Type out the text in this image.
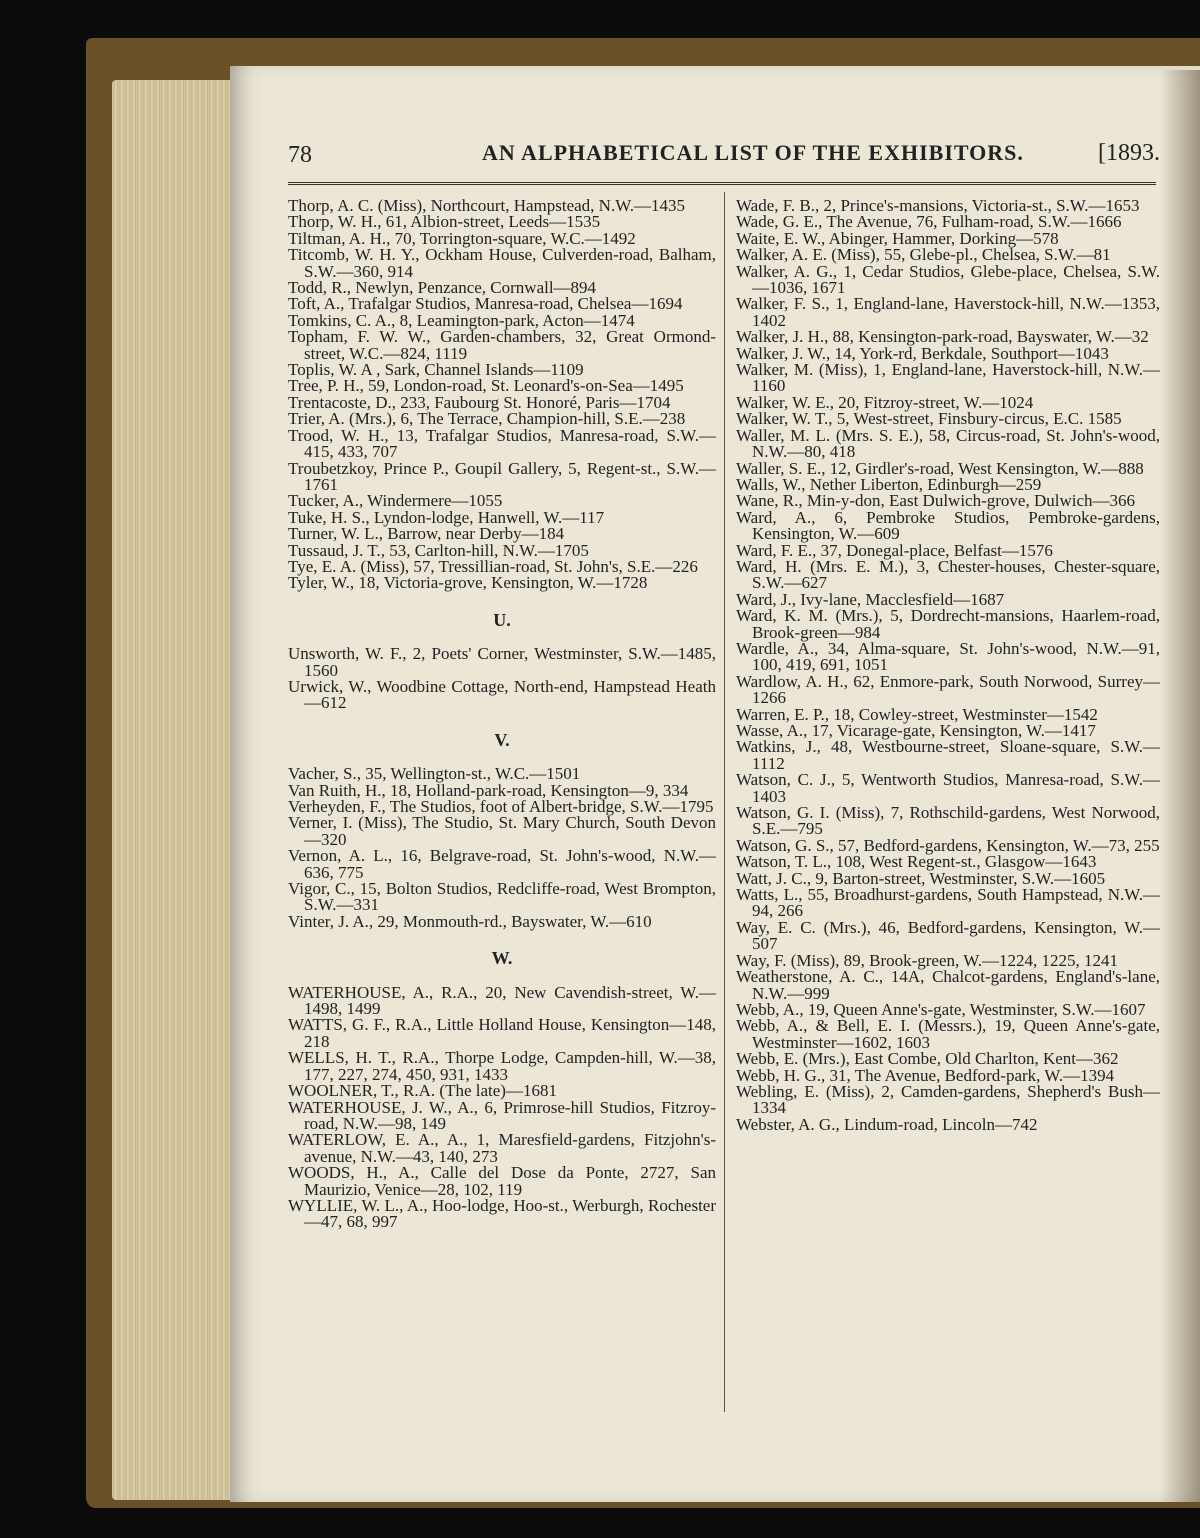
78	AN ALPHABETICAL LIST OF THE EXHIBITORS.	[1893.

Thorp, A. C. (Miss), Northcourt, Hampstead, N.W.—1435

Thorp, W. H., 61, Albion-street, Leeds—1535

Tiltman, A. H., 70, Torrington-square, W.C.—1492

Titcomb, W. H. Y., Ockham House, Culverden-road, Balham, S.W.—360, 914

Todd, R., Newlyn, Penzance, Cornwall—894

Toft, A., Trafalgar Studios, Manresa-road, Chelsea—1694

Tomkins, C. A., 8, Leamington-park, Acton—1474

Topham, F. W. W., Garden-chambers, 32, Great Ormond-street, W.C.—824, 1119

Toplis, W. A , Sark, Channel Islands—1109

Tree, P. H., 59, London-road, St. Leonard's-on-Sea—1495

Trentacoste, D., 233, Faubourg St. Honoré, Paris—1704

Trier, A. (Mrs.), 6, The Terrace, Champion-hill, S.E.—238

Trood, W. H., 13, Trafalgar Studios, Manresa-road, S.W.—415, 433, 707

Troubetzkoy, Prince P., Goupil Gallery, 5, Regent-st., S.W.—1761

Tucker, A., Windermere—1055

Tuke, H. S., Lyndon-lodge, Hanwell, W.—117

Turner, W. L., Barrow, near Derby—184

Tussaud, J. T., 53, Carlton-hill, N.W.—1705

Tye, E. A. (Miss), 57, Tressillian-road, St. John's, S.E.—226

Tyler, W., 18, Victoria-grove, Kensington, W.—1728

U.

Unsworth, W. F., 2, Poets' Corner, Westminster, S.W.—1485, 1560

Urwick, W., Woodbine Cottage, North-end, Hampstead Heath—612

V.

Vacher, S., 35, Wellington-st., W.C.—1501

Van Ruith, H., 18, Holland-park-road, Kensington—9, 334

Verheyden, F., The Studios, foot of Albert-bridge, S.W.—1795

Verner, I. (Miss), The Studio, St. Mary Church, South Devon—320

Vernon, A. L., 16, Belgrave-road, St. John's-wood, N.W.—636, 775

Vigor, C., 15, Bolton Studios, Redcliffe-road, West Brompton, S.W.—331

Vinter, J. A., 29, Monmouth-rd., Bayswater, W.—610

W.

WATERHOUSE, A., R.A., 20, New Cavendish-street, W.—1498, 1499

WATTS, G. F., R.A., Little Holland House, Kensington—148, 218

WELLS, H. T., R.A., Thorpe Lodge, Campden-hill, W.—38, 177, 227, 274, 450, 931, 1433

WOOLNER, T., R.A. (The late)—1681

WATERHOUSE, J. W., A., 6, Primrose-hill Studios, Fitzroy-road, N.W.—98, 149

WATERLOW, E. A., A., 1, Maresfield-gardens, Fitzjohn's-avenue, N.W.—43, 140, 273

WOODS, H., A., Calle del Dose da Ponte, 2727, San Maurizio, Venice—28, 102, 119

WYLLIE, W. L., A., Hoo-lodge, Hoo-st., Werburgh, Rochester—47, 68, 997

Wade, F. B., 2, Prince's-mansions, Victoria-st., S.W.—1653

Wade, G. E., The Avenue, 76, Fulham-road, S.W.—1666

Waite, E. W., Abinger, Hammer, Dorking—578

Walker, A. E. (Miss), 55, Glebe-pl., Chelsea, S.W.—81

Walker, A. G., 1, Cedar Studios, Glebe-place, Chelsea, S.W.—1036, 1671

Walker, F. S., 1, England-lane, Haverstock-hill, N.W.—1353, 1402

Walker, J. H., 88, Kensington-park-road, Bayswater, W.—32

Walker, J. W., 14, York-rd, Berkdale, Southport—1043

Walker, M. (Miss), 1, England-lane, Haverstock-hill, N.W.—1160

Walker, W. E., 20, Fitzroy-street, W.—1024

Walker, W. T., 5, West-street, Finsbury-circus, E.C. 1585

Waller, M. L. (Mrs. S. E.), 58, Circus-road, St. John's-wood, N.W.—80, 418

Waller, S. E., 12, Girdler's-road, West Kensington, W.—888

Walls, W., Nether Liberton, Edinburgh—259

Wane, R., Min-y-don, East Dulwich-grove, Dulwich—366

Ward, A., 6, Pembroke Studios, Pembroke-gardens, Kensington, W.—609

Ward, F. E., 37, Donegal-place, Belfast—1576

Ward, H. (Mrs. E. M.), 3, Chester-houses, Chester-square, S.W.—627

Ward, J., Ivy-lane, Macclesfield—1687

Ward, K. M. (Mrs.), 5, Dordrecht-mansions, Haarlem-road, Brook-green—984

Wardle, A., 34, Alma-square, St. John's-wood, N.W.—91, 100, 419, 691, 1051

Wardlow, A. H., 62, Enmore-park, South Norwood, Surrey—1266

Warren, E. P., 18, Cowley-street, Westminster—1542

Wasse, A., 17, Vicarage-gate, Kensington, W.—1417

Watkins, J., 48, Westbourne-street, Sloane-square, S.W.—1112

Watson, C. J., 5, Wentworth Studios, Manresa-road, S.W.—1403

Watson, G. I. (Miss), 7, Rothschild-gardens, West Norwood, S.E.—795

Watson, G. S., 57, Bedford-gardens, Kensington, W.—73, 255

Watson, T. L., 108, West Regent-st., Glasgow—1643

Watt, J. C., 9, Barton-street, Westminster, S.W.—1605

Watts, L., 55, Broadhurst-gardens, South Hampstead, N.W.—94, 266

Way, E. C. (Mrs.), 46, Bedford-gardens, Kensington, W.—507

Way, F. (Miss), 89, Brook-green, W.—1224, 1225, 1241

Weatherstone, A. C., 14A, Chalcot-gardens, England's-lane, N.W.—999

Webb, A., 19, Queen Anne's-gate, Westminster, S.W.—1607

Webb, A., & Bell, E. I. (Messrs.), 19, Queen Anne's-gate, Westminster—1602, 1603

Webb, E. (Mrs.), East Combe, Old Charlton, Kent—362

Webb, H. G., 31, The Avenue, Bedford-park, W.—1394

Webling, E. (Miss), 2, Camden-gardens, Shepherd's Bush—1334

Webster, A. G., Lindum-road, Lincoln—742
